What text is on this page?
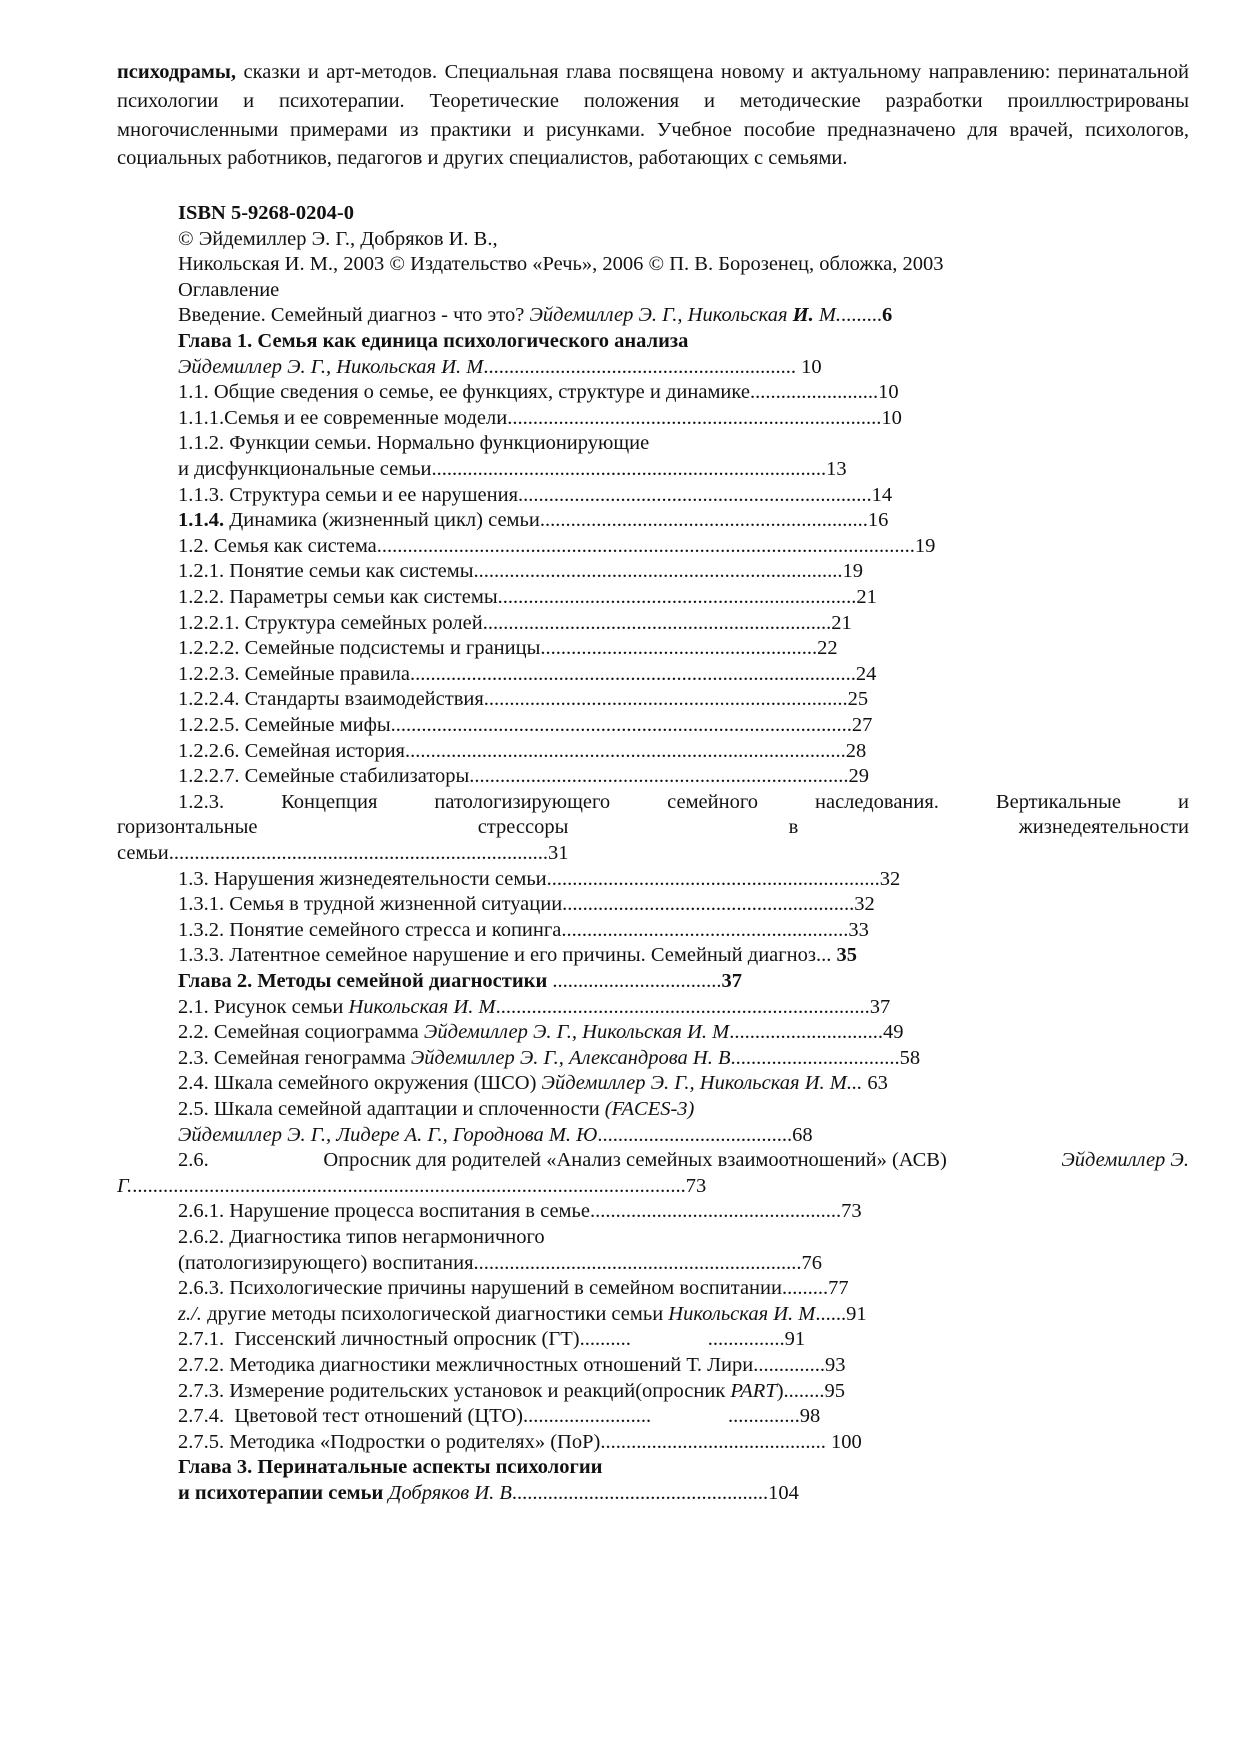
психодрамы, сказки и арт-методов. Специальная глава посвящена новому и актуальному направлению: перинатальной психологии и психотерапии. Теоретические положения и методические разработки проиллюстрированы многочисленными примерами из практики и рисунками. Учебное пособие предназначено для врачей, психологов, социальных работников, педагогов и других специалистов, работающих с семьями.

ISBN 5-9268-0204-0
© Эйдемиллер Э. Г., Добряков И. В.,
Никольская И. М., 2003 © Издательство «Речь», 2006 © П. В. Борозенец, обложка, 2003
Оглавление
Введение. Семейный диагноз - что это? Эйдемиллер Э. Г., Никольская И. М.........6
Глава 1. Семья как единица психологического анализа
Эйдемиллер Э. Г., Никольская И. М............................................................. 10
1.1. Общие сведения о семье, ее функциях, структуре и динамике.........................10
1.1.1.Семья и ее современные модели.........................................................................10
1.1.2. Функции семьи. Нормально функционирующие
и дисфункциональные семьи.............................................................................13
1.1.3. Структура семьи и ее нарушения.....................................................................14
1.1.4. Динамика (жизненный цикл) семьи................................................................16
1.2. Семья как система.........................................................................................................19
1.2.1. Понятие семьи как системы........................................................................19
1.2.2. Параметры семьи как системы......................................................................21
1.2.2.1. Структура семейных ролей....................................................................21
1.2.2.2. Семейные подсистемы и границы......................................................22
1.2.2.3. Семейные правила.......................................................................................24
1.2.2.4. Стандарты взаимодействия.......................................................................25
1.2.2.5. Семейные мифы..........................................................................................27
1.2.2.6. Семейная история......................................................................................28
1.2.2.7. Семейные стабилизаторы..........................................................................29
1.2.3.	Концепция	патологизирующего	семейного	наследования.	Вертикальные	и
горизонтальные	стрессоры	в	жизнедеятельности
семьи..........................................................................31
1.3. Нарушения жизнедеятельности семьи.................................................................32
1.3.1. Семья в трудной жизненной ситуации.........................................................32
1.3.2. Понятие семейного стресса и копинга........................................................33
1.3.3. Латентное семейное нарушение и его причины. Семейный диагноз... 35
Глава 2. Методы семейной диагностики .................................37
2.1. Рисунок семьи Никольская И. М.........................................................................37
2.2. Семейная социограмма Эйдемиллер Э. Г., Никольская И. М..............................49
2.3. Семейная генограмма Эйдемиллер Э. Г., Александрова Н. В.................................58
2.4. Шкала семейного окружения (ШСО) Эйдемиллер Э. Г., Никольская И. М... 63
2.5. Шкала семейной адаптации и сплоченности (FACES-3)
Эйдемиллер Э. Г., Лидере А. Г., Городнова М. Ю......................................68
2.6.	Опросник для родителей «Анализ семейных взаимоотношений» (АСВ)	Эйдемиллер Э.
Г.............................................................................................................73
2.6.1. Нарушение процесса воспитания в семье.................................................73
2.6.2. Диагностика типов негармоничного
(патологизирующего) воспитания................................................................76
2.6.3. Психологические причины нарушений в семейном воспитании.........77
z./. другие методы психологической диагностики семьи Никольская И. М......91
2.7.1.  Гиссенский личностный опросник (ГТ)..........               ...............91
2.7.2. Методика диагностики межличностных отношений Т. Лири..............93
2.7.3. Измерение родительских установок и реакций(опросник PART)........95
2.7.4.  Цветовой тест отношений (ЦТО).........................               ..............98
2.7.5. Методика «Подростки о родителях» (ПоР)............................................ 100
Глава 3. Перинатальные аспекты психологии
и психотерапии семьи Добряков И. В..................................................104
